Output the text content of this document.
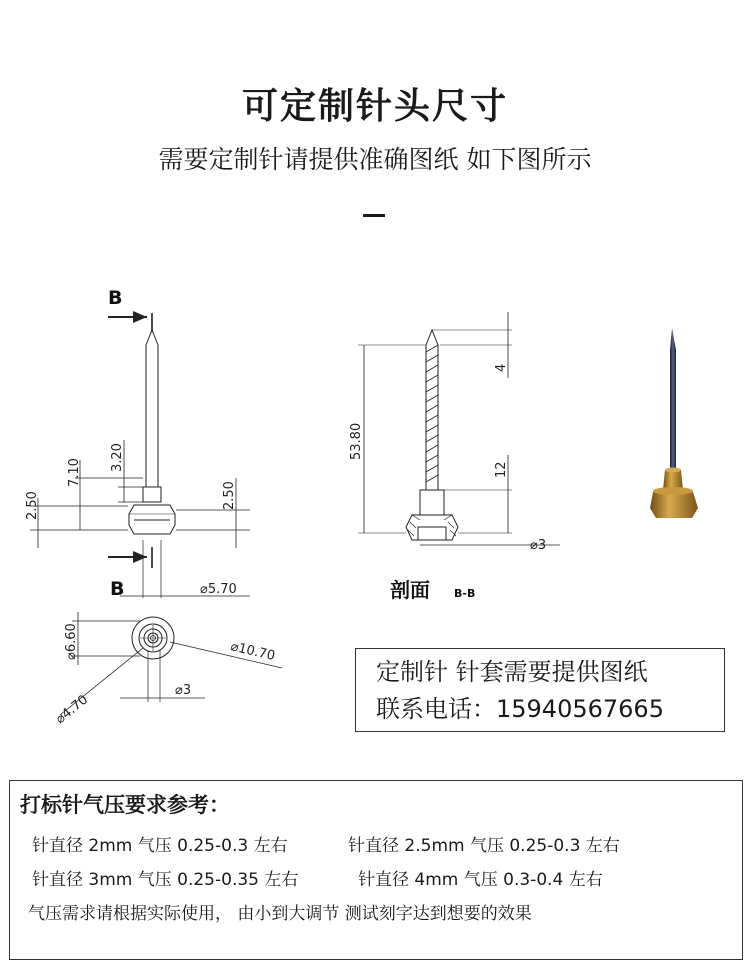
可定制针头尺寸
需要定制针请提供准确图纸 如下图所示
B
B
2.50
7.10
3.20
2.50
⌀5.70
⌀6.60	⌀10.70
⌀4.70
⌀3
53.80
4
12
⌀3
剖面 B-B
定制针 针套需要提供图纸
联系电话：15940567665
打标针气压要求参考：
针直径 2mm 气压 0.25-0.3 左右	针直径 2.5mm 气压 0.25-0.3 左右
针直径 3mm 气压 0.25-0.35 左右	针直径 4mm 气压 0.3-0.4 左右
气压需求请根据实际使用， 由小到大调节 测试刻字达到想要的效果
